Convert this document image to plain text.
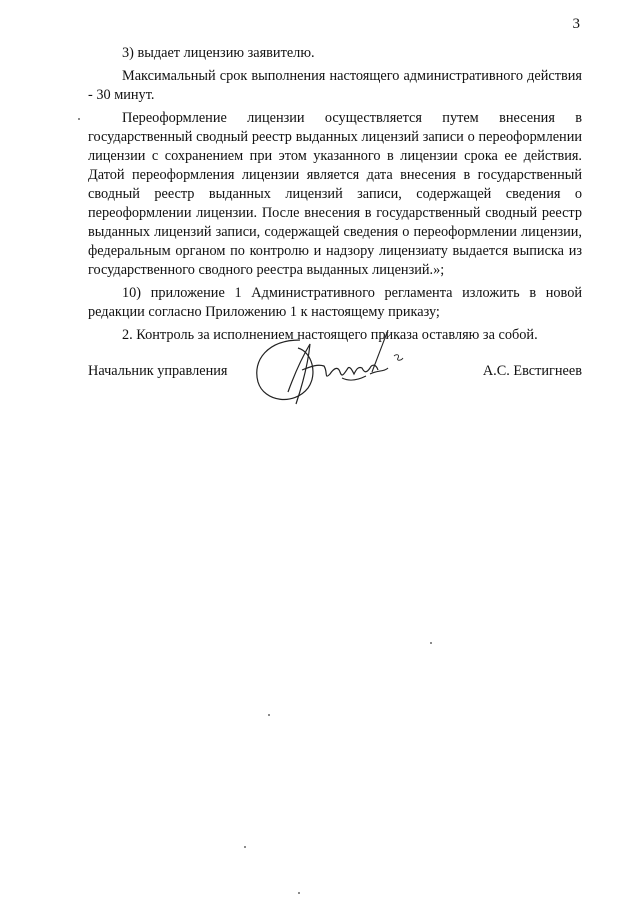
3

3) выдает лицензию заявителю.

Максимальный срок выполнения настоящего административного действия - 30 минут.

Переоформление лицензии осуществляется путем внесения в государственный сводный реестр выданных лицензий записи о переоформлении лицензии с сохранением при этом указанного в лицензии срока ее действия. Датой переоформления лицензии является дата внесения в государственный сводный реестр выданных лицензий записи, содержащей сведения о переоформлении лицензии. После внесения в государственный сводный реестр выданных лицензий записи, содержащей сведения о переоформлении лицензии, федеральным органом по контролю и надзору лицензиату выдается выписка из государственного сводного реестра выданных лицензий.»;

10) приложение 1 Административного регламента изложить в новой редакции согласно Приложению 1 к настоящему приказу;

2. Контроль за исполнением настоящего приказа оставляю за собой.

Начальник управления	А.С. Евстигнеев
